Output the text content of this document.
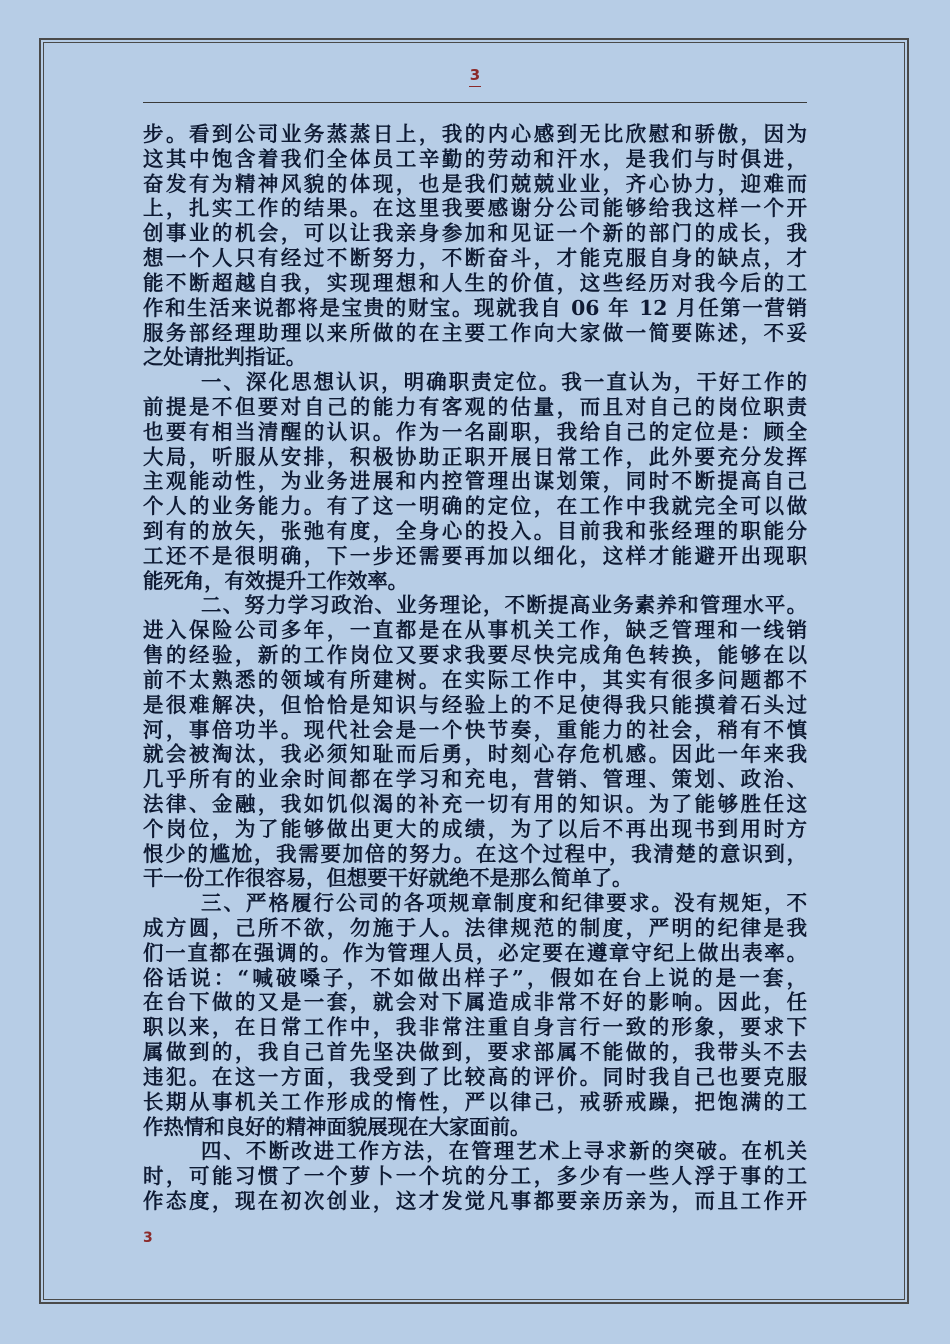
3
步。看到公司业务蒸蒸日上，我的内心感到无比欣慰和骄傲，因为
这其中饱含着我们全体员工辛勤的劳动和汗水，是我们与时俱进，
奋发有为精神风貌的体现，也是我们兢兢业业，齐心协力，迎难而
上，扎实工作的结果。在这里我要感谢分公司能够给我这样一个开
创事业的机会，可以让我亲身参加和见证一个新的部门的成长，我
想一个人只有经过不断努力，不断奋斗，才能克服自身的缺点，才
能不断超越自我，实现理想和人生的价值，这些经历对我今后的工
作和生活来说都将是宝贵的财宝。现就我自 06 年 12 月任第一营销
服务部经理助理以来所做的在主要工作向大家做一简要陈述，不妥
之处请批判指证。
一、深化思想认识，明确职责定位。我一直认为，干好工作的
前提是不但要对自己的能力有客观的估量，而且对自己的岗位职责
也要有相当清醒的认识。作为一名副职，我给自己的定位是：顾全
大局，听服从安排，积极协助正职开展日常工作，此外要充分发挥
主观能动性，为业务进展和内控管理出谋划策，同时不断提高自己
个人的业务能力。有了这一明确的定位，在工作中我就完全可以做
到有的放矢，张弛有度，全身心的投入。目前我和张经理的职能分
工还不是很明确，下一步还需要再加以细化，这样才能避开出现职
能死角，有效提升工作效率。
二、努力学习政治、业务理论，不断提高业务素养和管理水平。
进入保险公司多年，一直都是在从事机关工作，缺乏管理和一线销
售的经验，新的工作岗位又要求我要尽快完成角色转换，能够在以
前不太熟悉的领域有所建树。在实际工作中，其实有很多问题都不
是很难解决，但恰恰是知识与经验上的不足使得我只能摸着石头过
河，事倍功半。现代社会是一个快节奏，重能力的社会，稍有不慎
就会被淘汰，我必须知耻而后勇，时刻心存危机感。因此一年来我
几乎所有的业余时间都在学习和充电，营销、管理、策划、政治、
法律、金融，我如饥似渴的补充一切有用的知识。为了能够胜任这
个岗位，为了能够做出更大的成绩，为了以后不再出现书到用时方
恨少的尴尬，我需要加倍的努力。在这个过程中，我清楚的意识到，
干一份工作很容易，但想要干好就绝不是那么简单了。
三、严格履行公司的各项规章制度和纪律要求。没有规矩，不
成方圆，己所不欲，勿施于人。法律规范的制度，严明的纪律是我
们一直都在强调的。作为管理人员，必定要在遵章守纪上做出表率。
俗话说：“喊破嗓子，不如做出样子”，假如在台上说的是一套，
在台下做的又是一套，就会对下属造成非常不好的影响。因此，任
职以来，在日常工作中，我非常注重自身言行一致的形象，要求下
属做到的，我自己首先坚决做到，要求部属不能做的，我带头不去
违犯。在这一方面，我受到了比较高的评价。同时我自己也要克服
长期从事机关工作形成的惰性，严以律己，戒骄戒躁，把饱满的工
作热情和良好的精神面貌展现在大家面前。
四、不断改进工作方法，在管理艺术上寻求新的突破。在机关
时，可能习惯了一个萝卜一个坑的分工，多少有一些人浮于事的工
作态度，现在初次创业，这才发觉凡事都要亲历亲为，而且工作开
3
